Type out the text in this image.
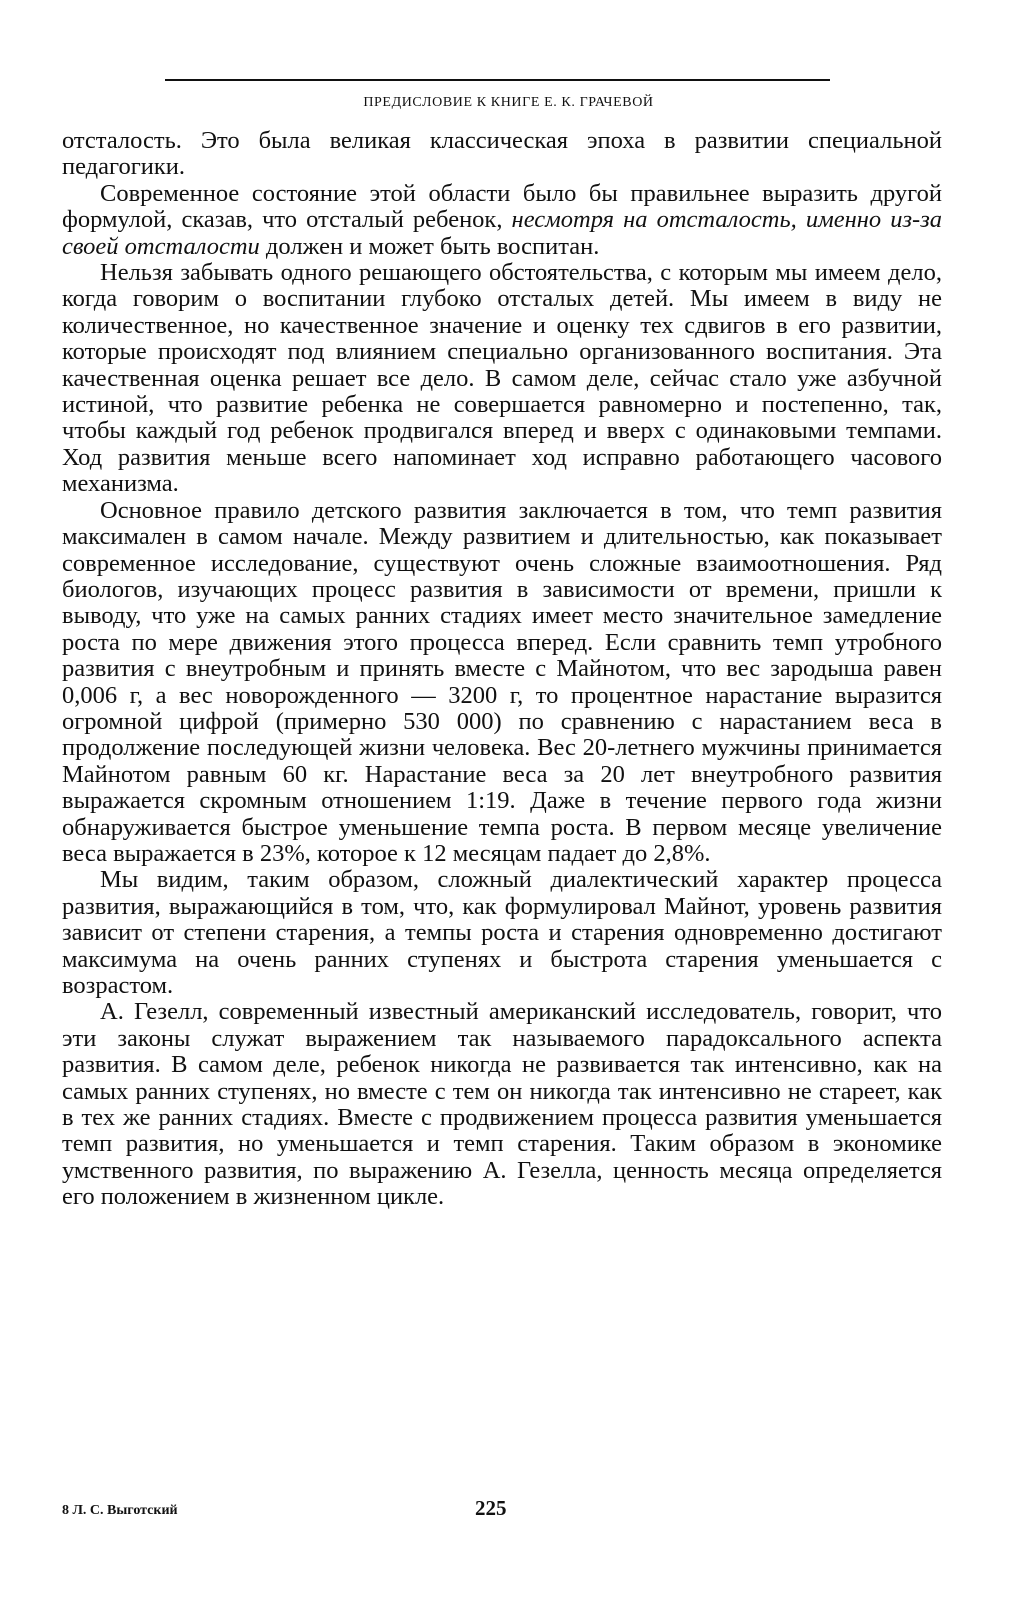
ПРЕДИСЛОВИЕ К КНИГЕ Е. К. ГРАЧЕВОЙ

отсталость. Это была великая классическая эпоха в развитии специальной педагогики.

Современное состояние этой области было бы правильнее выразить другой формулой, сказав, что отсталый ребенок, несмотря на отсталость, именно из-за своей отсталости должен и может быть воспитан.

Нельзя забывать одного решающего обстоятельства, с которым мы имеем дело, когда говорим о воспитании глубоко отсталых детей. Мы имеем в виду не количественное, но качественное значение и оценку тех сдвигов в его развитии, которые происходят под влиянием специально организованного воспитания. Эта качественная оценка решает все дело. В самом деле, сейчас стало уже азбучной истиной, что развитие ребенка не совершается равномерно и постепенно, так, чтобы каждый год ребенок продвигался вперед и вверх с одинаковыми темпами. Ход развития меньше всего напоминает ход исправно работающего часового механизма.

Основное правило детского развития заключается в том, что темп развития максимален в самом начале. Между развитием и длительностью, как показывает современное исследование, существуют очень сложные взаимоотношения. Ряд биологов, изучающих процесс развития в зависимости от времени, пришли к выводу, что уже на самых ранних стадиях имеет место значительное замедление роста по мере движения этого процесса вперед. Если сравнить темп утробного развития с внеутробным и принять вместе с Майнотом, что вес зародыша равен 0,006 г, а вес новорожденного — 3200 г, то процентное нарастание выразится огромной цифрой (примерно 530 000) по сравнению с нарастанием веса в продолжение последующей жизни человека. Вес 20-летнего мужчины принимается Майнотом равным 60 кг. Нарастание веса за 20 лет внеутробного развития выражается скромным отношением 1:19. Даже в течение первого года жизни обнаруживается быстрое уменьшение темпа роста. В первом месяце увеличение веса выражается в 23%, которое к 12 месяцам падает до 2,8%.

Мы видим, таким образом, сложный диалектический характер процесса развития, выражающийся в том, что, как формулировал Майнот, уровень развития зависит от степени старения, а темпы роста и старения одновременно достигают максимума на очень ранних ступенях и быстрота старения уменьшается с возрастом.

А. Гезелл, современный известный американский исследователь, говорит, что эти законы служат выражением так называемого парадоксального аспекта развития. В самом деле, ребенок никогда не развивается так интенсивно, как на самых ранних ступенях, но вместе с тем он никогда так интенсивно не стареет, как в тех же ранних стадиях. Вместе с продвижением процесса развития уменьшается темп развития, но уменьшается и темп старения. Таким образом в экономике умственного развития, по выражению А. Гезелла, ценность месяца определяется его положением в жизненном цикле.

8 Л. С. Выготский	225
